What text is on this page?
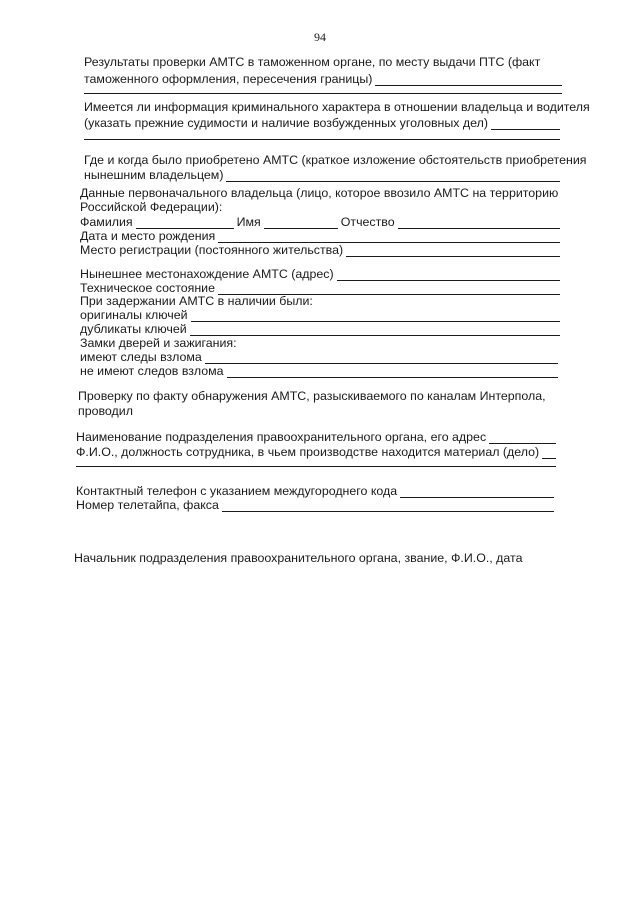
94
Результаты проверки АМТС в таможенном органе, по месту выдачи ПТС (факт
таможенного оформления, пересечения границы)
Имеется ли информация криминального характера в отношении владельца и водителя
(указать прежние судимости и наличие возбужденных уголовных дел)
Где и когда было приобретено АМТС (краткое изложение обстоятельств приобретения
нынешним владельцем)
Данные первоначального владельца (лицо, которое ввозило АМТС на территорию
Российской Федерации):
Фамилия	Имя	Отчество
Дата и место рождения
Место регистрации (постоянного жительства)
Нынешнее местонахождение АМТС (адрес)
Техническое состояние
При задержании АМТС в наличии были:
оригиналы ключей
дубликаты ключей
Замки дверей и зажигания:
имеют следы взлома
не имеют следов взлома
Проверку по факту обнаружения АМТС, разыскиваемого по каналам Интерпола,
проводил
Наименование подразделения правоохранительного органа, его адрес
Ф.И.О., должность сотрудника, в чьем производстве находится материал (дело)
Контактный телефон с указанием междугороднего кода
Номер телетайпа, факса
Начальник подразделения правоохранительного органа, звание, Ф.И.О., дата
